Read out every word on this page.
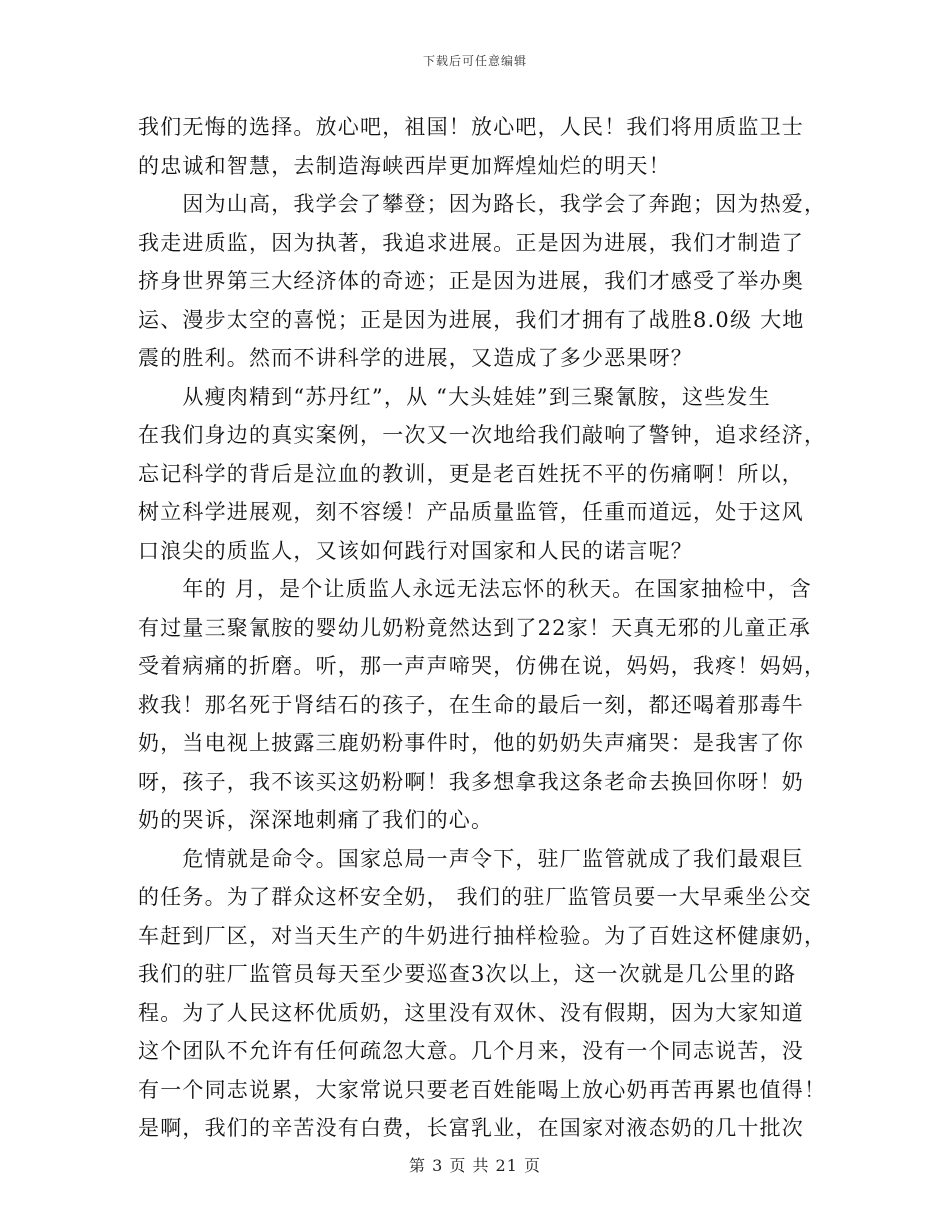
下载后可任意编辑
我们无悔的选择。放心吧，祖国！放心吧，人民！我们将用质监卫士
的忠诚和智慧，去制造海峡西岸更加辉煌灿烂的明天！
　　因为山高，我学会了攀登；因为路长，我学会了奔跑；因为热爱，
我走进质监，因为执著，我追求进展。正是因为进展，我们才制造了
挤身世界第三大经济体的奇迹；正是因为进展，我们才感受了举办奥
运、漫步太空的喜悦；正是因为进展，我们才拥有了战胜8.0级 大地
震的胜利。然而不讲科学的进展，又造成了多少恶果呀？
　　从瘦肉精到“苏丹红”，从 “大头娃娃”到三聚氰胺，这些发生
在我们身边的真实案例，一次又一次地给我们敲响了警钟，追求经济，
忘记科学的背后是泣血的教训，更是老百姓抚不平的伤痛啊！所以，
树立科学进展观，刻不容缓！产品质量监管，任重而道远，处于这风
口浪尖的质监人，又该如何践行对国家和人民的诺言呢？
　　年的 月，是个让质监人永远无法忘怀的秋天。在国家抽检中，含
有过量三聚氰胺的婴幼儿奶粉竟然达到了22家！天真无邪的儿童正承
受着病痛的折磨。听，那一声声啼哭，仿佛在说，妈妈，我疼！妈妈，
救我！那名死于肾结石的孩子，在生命的最后一刻，都还喝着那毒牛
奶，当电视上披露三鹿奶粉事件时，他的奶奶失声痛哭：是我害了你
呀，孩子，我不该买这奶粉啊！我多想拿我这条老命去换回你呀！奶
奶的哭诉，深深地刺痛了我们的心。
　　危情就是命令。国家总局一声令下，驻厂监管就成了我们最艰巨
的任务。为了群众这杯安全奶， 我们的驻厂监管员要一大早乘坐公交
车赶到厂区，对当天生产的牛奶进行抽样检验。为了百姓这杯健康奶，
我们的驻厂监管员每天至少要巡查3次以上，这一次就是几公里的路
程。为了人民这杯优质奶，这里没有双休、没有假期，因为大家知道
这个团队不允许有任何疏忽大意。几个月来，没有一个同志说苦，没
有一个同志说累，大家常说只要老百姓能喝上放心奶再苦再累也值得！
是啊，我们的辛苦没有白费，长富乳业，在国家对液态奶的几十批次
第 3 页 共 21 页
